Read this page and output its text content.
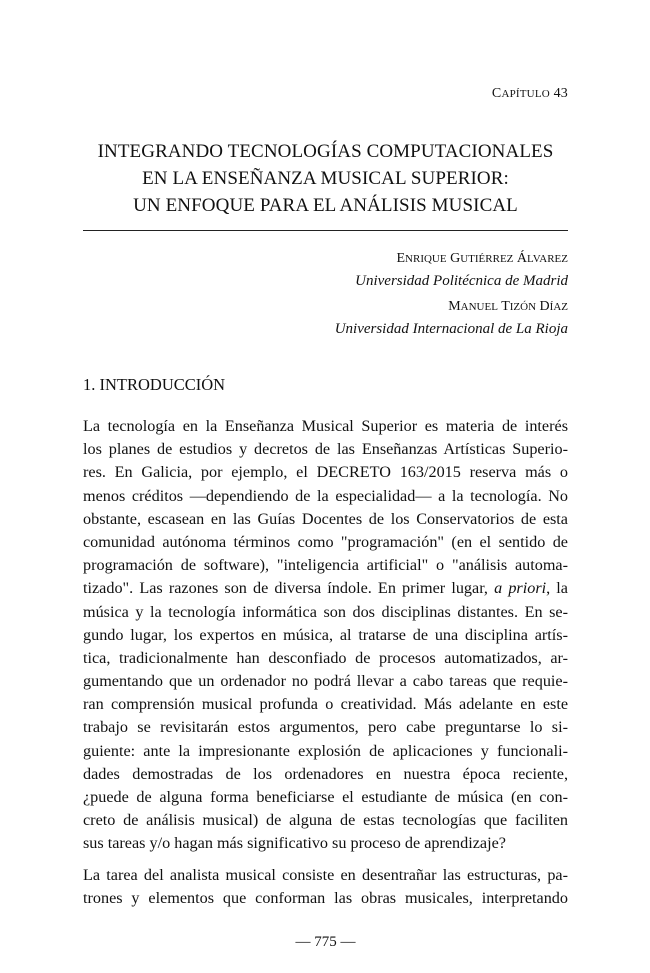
CAPÍTULO 43
INTEGRANDO TECNOLOGÍAS COMPUTACIONALES
EN LA ENSEÑANZA MUSICAL SUPERIOR:
UN ENFOQUE PARA EL ANÁLISIS MUSICAL
ENRIQUE GUTIÉRREZ ÁLVAREZ
Universidad Politécnica de Madrid
MANUEL TIZÓN DÍAZ
Universidad Internacional de La Rioja
1. INTRODUCCIÓN
La tecnología en la Enseñanza Musical Superior es materia de interés
los planes de estudios y decretos de las Enseñanzas Artísticas Superio-
res. En Galicia, por ejemplo, el DECRETO 163/2015 reserva más o
menos créditos —dependiendo de la especialidad— a la tecnología. No
obstante, escasean en las Guías Docentes de los Conservatorios de esta
comunidad autónoma términos como "programación" (en el sentido de
programación de software), "inteligencia artificial" o "análisis automa-
tizado". Las razones son de diversa índole. En primer lugar, a priori, la
música y la tecnología informática son dos disciplinas distantes. En se-
gundo lugar, los expertos en música, al tratarse de una disciplina artís-
tica, tradicionalmente han desconfiado de procesos automatizados, ar-
gumentando que un ordenador no podrá llevar a cabo tareas que requie-
ran comprensión musical profunda o creatividad. Más adelante en este
trabajo se revisitarán estos argumentos, pero cabe preguntarse lo si-
guiente: ante la impresionante explosión de aplicaciones y funcionali-
dades demostradas de los ordenadores en nuestra época reciente,
¿puede de alguna forma beneficiarse el estudiante de música (en con-
creto de análisis musical) de alguna de estas tecnologías que faciliten
sus tareas y/o hagan más significativo su proceso de aprendizaje?
La tarea del analista musical consiste en desentrañar las estructuras, pa-
trones y elementos que conforman las obras musicales, interpretando
— 775 —
